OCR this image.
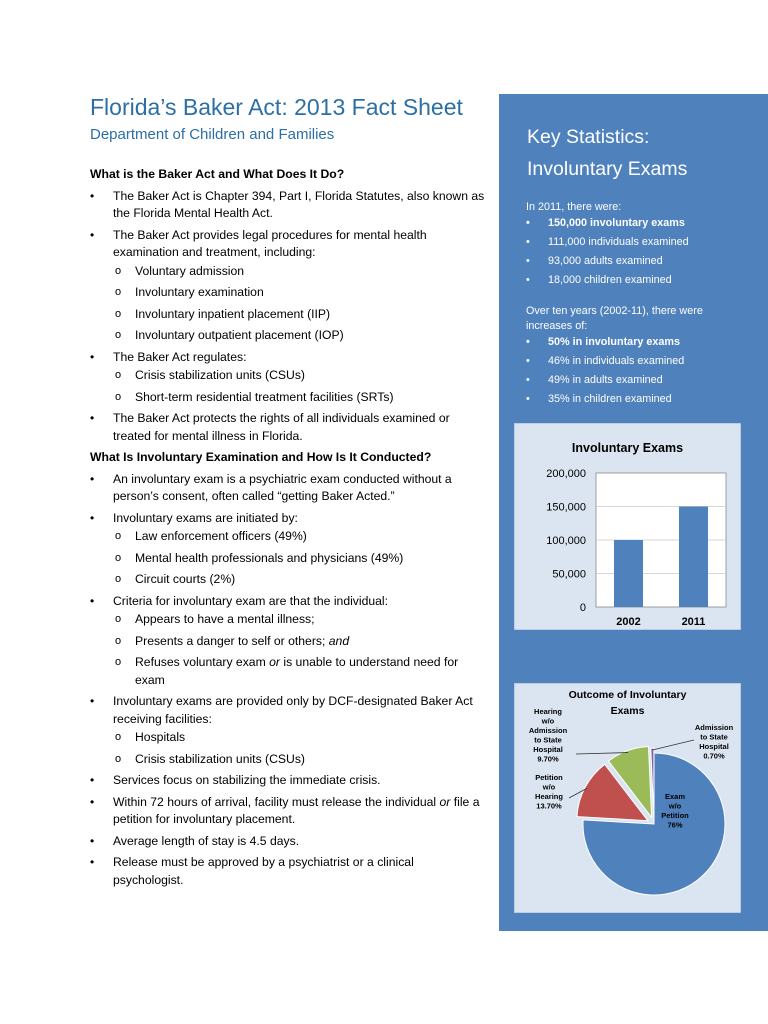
Florida’s Baker Act: 2013 Fact Sheet
Department of Children and Families

What is the Baker Act and What Does It Do?

• The Baker Act is Chapter 394, Part I, Florida Statutes, also known as the Florida Mental Health Act.
• The Baker Act provides legal procedures for mental health examination and treatment, including:
o Voluntary admission
o Involuntary examination
o Involuntary inpatient placement (IIP)
o Involuntary outpatient placement (IOP)
• The Baker Act regulates:
o Crisis stabilization units (CSUs)
o Short-term residential treatment facilities (SRTs)
• The Baker Act protects the rights of all individuals examined or treated for mental illness in Florida.

What Is Involuntary Examination and How Is It Conducted?

• An involuntary exam is a psychiatric exam conducted without a person’s consent, often called “getting Baker Acted.”
• Involuntary exams are initiated by:
o Law enforcement officers (49%)
o Mental health professionals and physicians (49%)
o Circuit courts (2%)
• Criteria for involuntary exam are that the individual:
o Appears to have a mental illness;
o Presents a danger to self or others; and
o Refuses voluntary exam or is unable to understand need for exam
• Involuntary exams are provided only by DCF-designated Baker Act receiving facilities:
o Hospitals
o Crisis stabilization units (CSUs)
• Services focus on stabilizing the immediate crisis.
• Within 72 hours of arrival, facility must release the individual or file a petition for involuntary placement.
• Average length of stay is 4.5 days.
• Release must be approved by a psychiatrist or a clinical psychologist.
Key Statistics:
Involuntary Exams

In 2011, there were:

• 150,000 involuntary exams
• 111,000 individuals examined
• 93,000 adults examined
• 18,000 children examined

Over ten years (2002-11), there were increases of:

• 50% in involuntary exams
• 46% in individuals examined
• 49% in adults examined
• 35% in children examined
Involuntary Exams
0
50,000
100,000
150,000
200,000
2002	2011
Outcome of Involuntary
Exams
Exam
w/o
Petition
76%
Petition
w/o
Hearing
13.70%
Hearing
w/o
Admission
to State
Hospital
9.70%
Admission
to State
Hospital
0.70%
